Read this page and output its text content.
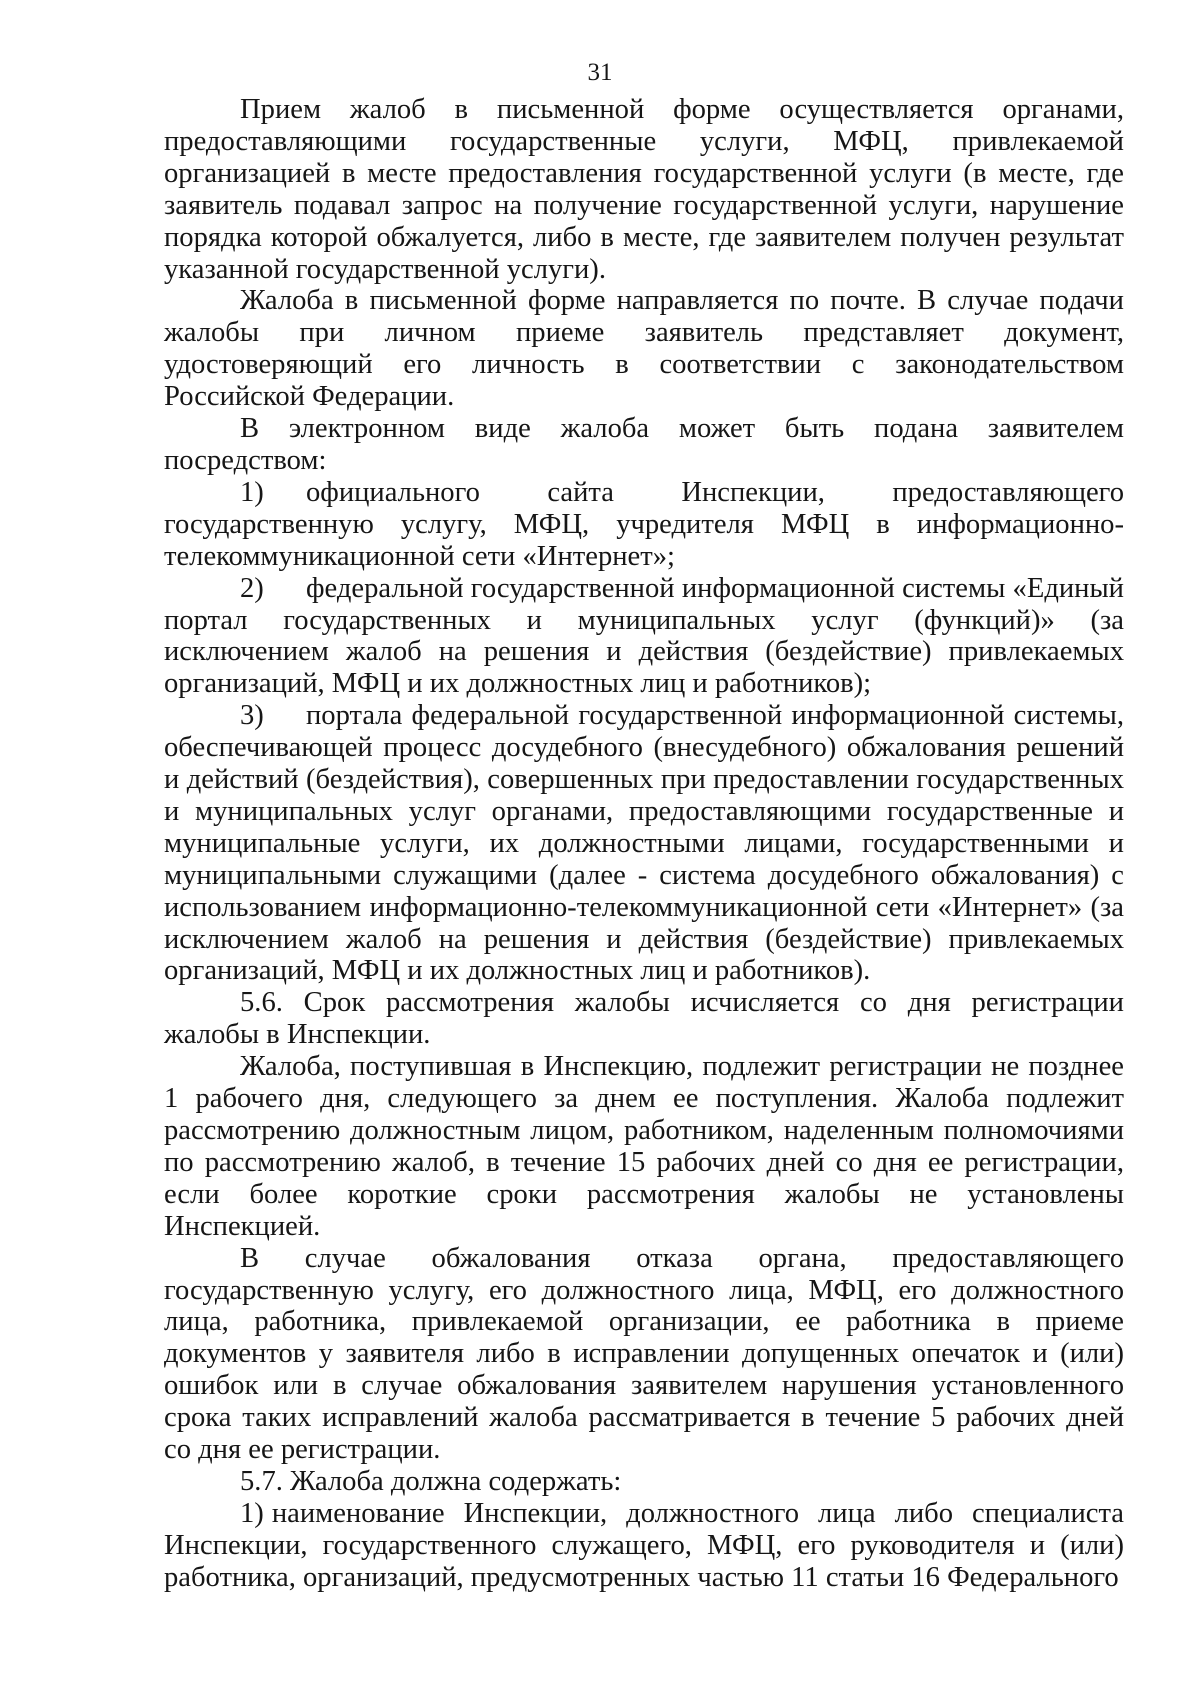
31

Прием жалоб в письменной форме осуществляется органами, предоставляющими государственные услуги, МФЦ, привлекаемой организацией в месте предоставления государственной услуги (в месте, где заявитель подавал запрос на получение государственной услуги, нарушение порядка которой обжалуется, либо в месте, где заявителем получен результат указанной государственной услуги).

Жалоба в письменной форме направляется по почте. В случае подачи жалобы при личном приеме заявитель представляет документ, удостоверяющий его личность в соответствии с законодательством Российской Федерации.

В электронном виде жалоба может быть подана заявителем посредством:

1) официального сайта Инспекции, предоставляющего государственную услугу, МФЦ, учредителя МФЦ в информационно-телекоммуникационной сети «Интернет»;

2) федеральной государственной информационной системы «Единый портал государственных и муниципальных услуг (функций)» (за исключением жалоб на решения и действия (бездействие) привлекаемых организаций, МФЦ и их должностных лиц и работников);

3) портала федеральной государственной информационной системы, обеспечивающей процесс досудебного (внесудебного) обжалования решений и действий (бездействия), совершенных при предоставлении государственных и муниципальных услуг органами, предоставляющими государственные и муниципальные услуги, их должностными лицами, государственными и муниципальными служащими (далее - система досудебного обжалования) с использованием информационно-телекоммуникационной сети «Интернет» (за исключением жалоб на решения и действия (бездействие) привлекаемых организаций, МФЦ и их должностных лиц и работников).

5.6. Срок рассмотрения жалобы исчисляется со дня регистрации жалобы в Инспекции.

Жалоба, поступившая в Инспекцию, подлежит регистрации не позднее 1 рабочего дня, следующего за днем ее поступления. Жалоба подлежит рассмотрению должностным лицом, работником, наделенным полномочиями по рассмотрению жалоб, в течение 15 рабочих дней со дня ее регистрации, если более короткие сроки рассмотрения жалобы не установлены Инспекцией.

В случае обжалования отказа органа, предоставляющего государственную услугу, его должностного лица, МФЦ, его должностного лица, работника, привлекаемой организации, ее работника в приеме документов у заявителя либо в исправлении допущенных опечаток и (или) ошибок или в случае обжалования заявителем нарушения установленного срока таких исправлений жалоба рассматривается в течение 5 рабочих дней со дня ее регистрации.

5.7. Жалоба должна содержать:

1) наименование Инспекции, должностного лица либо специалиста Инспекции, государственного служащего, МФЦ, его руководителя и (или) работника, организаций, предусмотренных частью 11 статьи 16 Федерального
